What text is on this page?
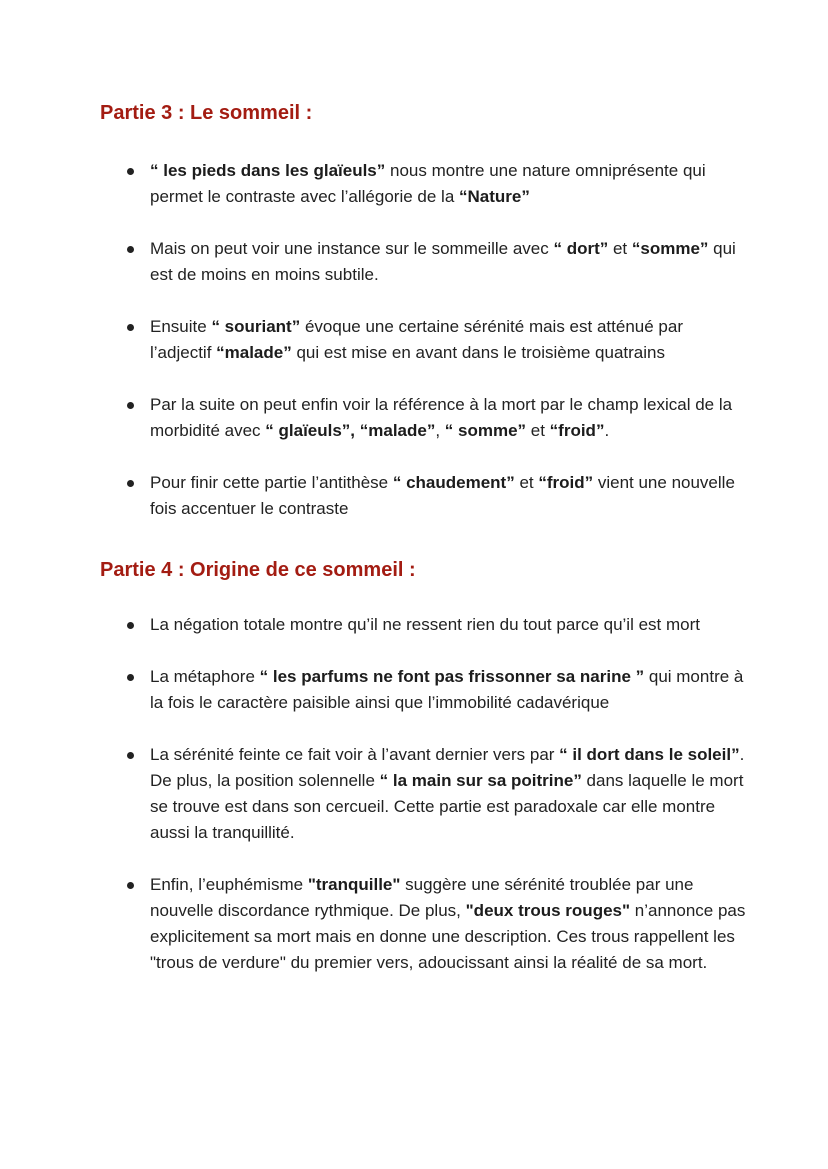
Partie 3 : Le sommeil :
“ les pieds dans les glaïeuls” nous montre une nature omniprésente qui permet le contraste avec l’allégorie de la “Nature”
Mais on peut voir une instance sur le sommeille avec “ dort” et “somme” qui est de moins en moins subtile.
Ensuite “ souriant” évoque une certaine sérénité mais est atténué par l’adjectif “malade” qui est mise en avant dans le troisième quatrains
Par la suite on peut enfin voir la référence à la mort par le champ lexical de la morbidité avec “ glaïeuls”, “malade”, “ somme” et “froid”.
Pour finir cette partie l’antithèse “ chaudement” et “froid” vient une nouvelle fois accentuer le contraste
Partie 4 : Origine de ce sommeil :
La négation totale montre qu’il ne ressent rien du tout parce qu’il est mort
La métaphore “ les parfums ne font pas frissonner sa narine ” qui montre à la fois le caractère paisible ainsi que l’immobilité cadavérique
La sérénité feinte ce fait voir à l’avant dernier vers par “ il dort dans le soleil”. De plus, la position solennelle “ la main sur sa poitrine” dans laquelle le mort se trouve est dans son cercueil. Cette partie est paradoxale car elle montre aussi la tranquillité.
Enfin, l’euphémisme "tranquille" suggère une sérénité troublée par une nouvelle discordance rythmique. De plus, "deux trous rouges" n’annonce pas explicitement sa mort mais en donne une description. Ces trous rappellent les "trous de verdure" du premier vers, adoucissant ainsi la réalité de sa mort.
